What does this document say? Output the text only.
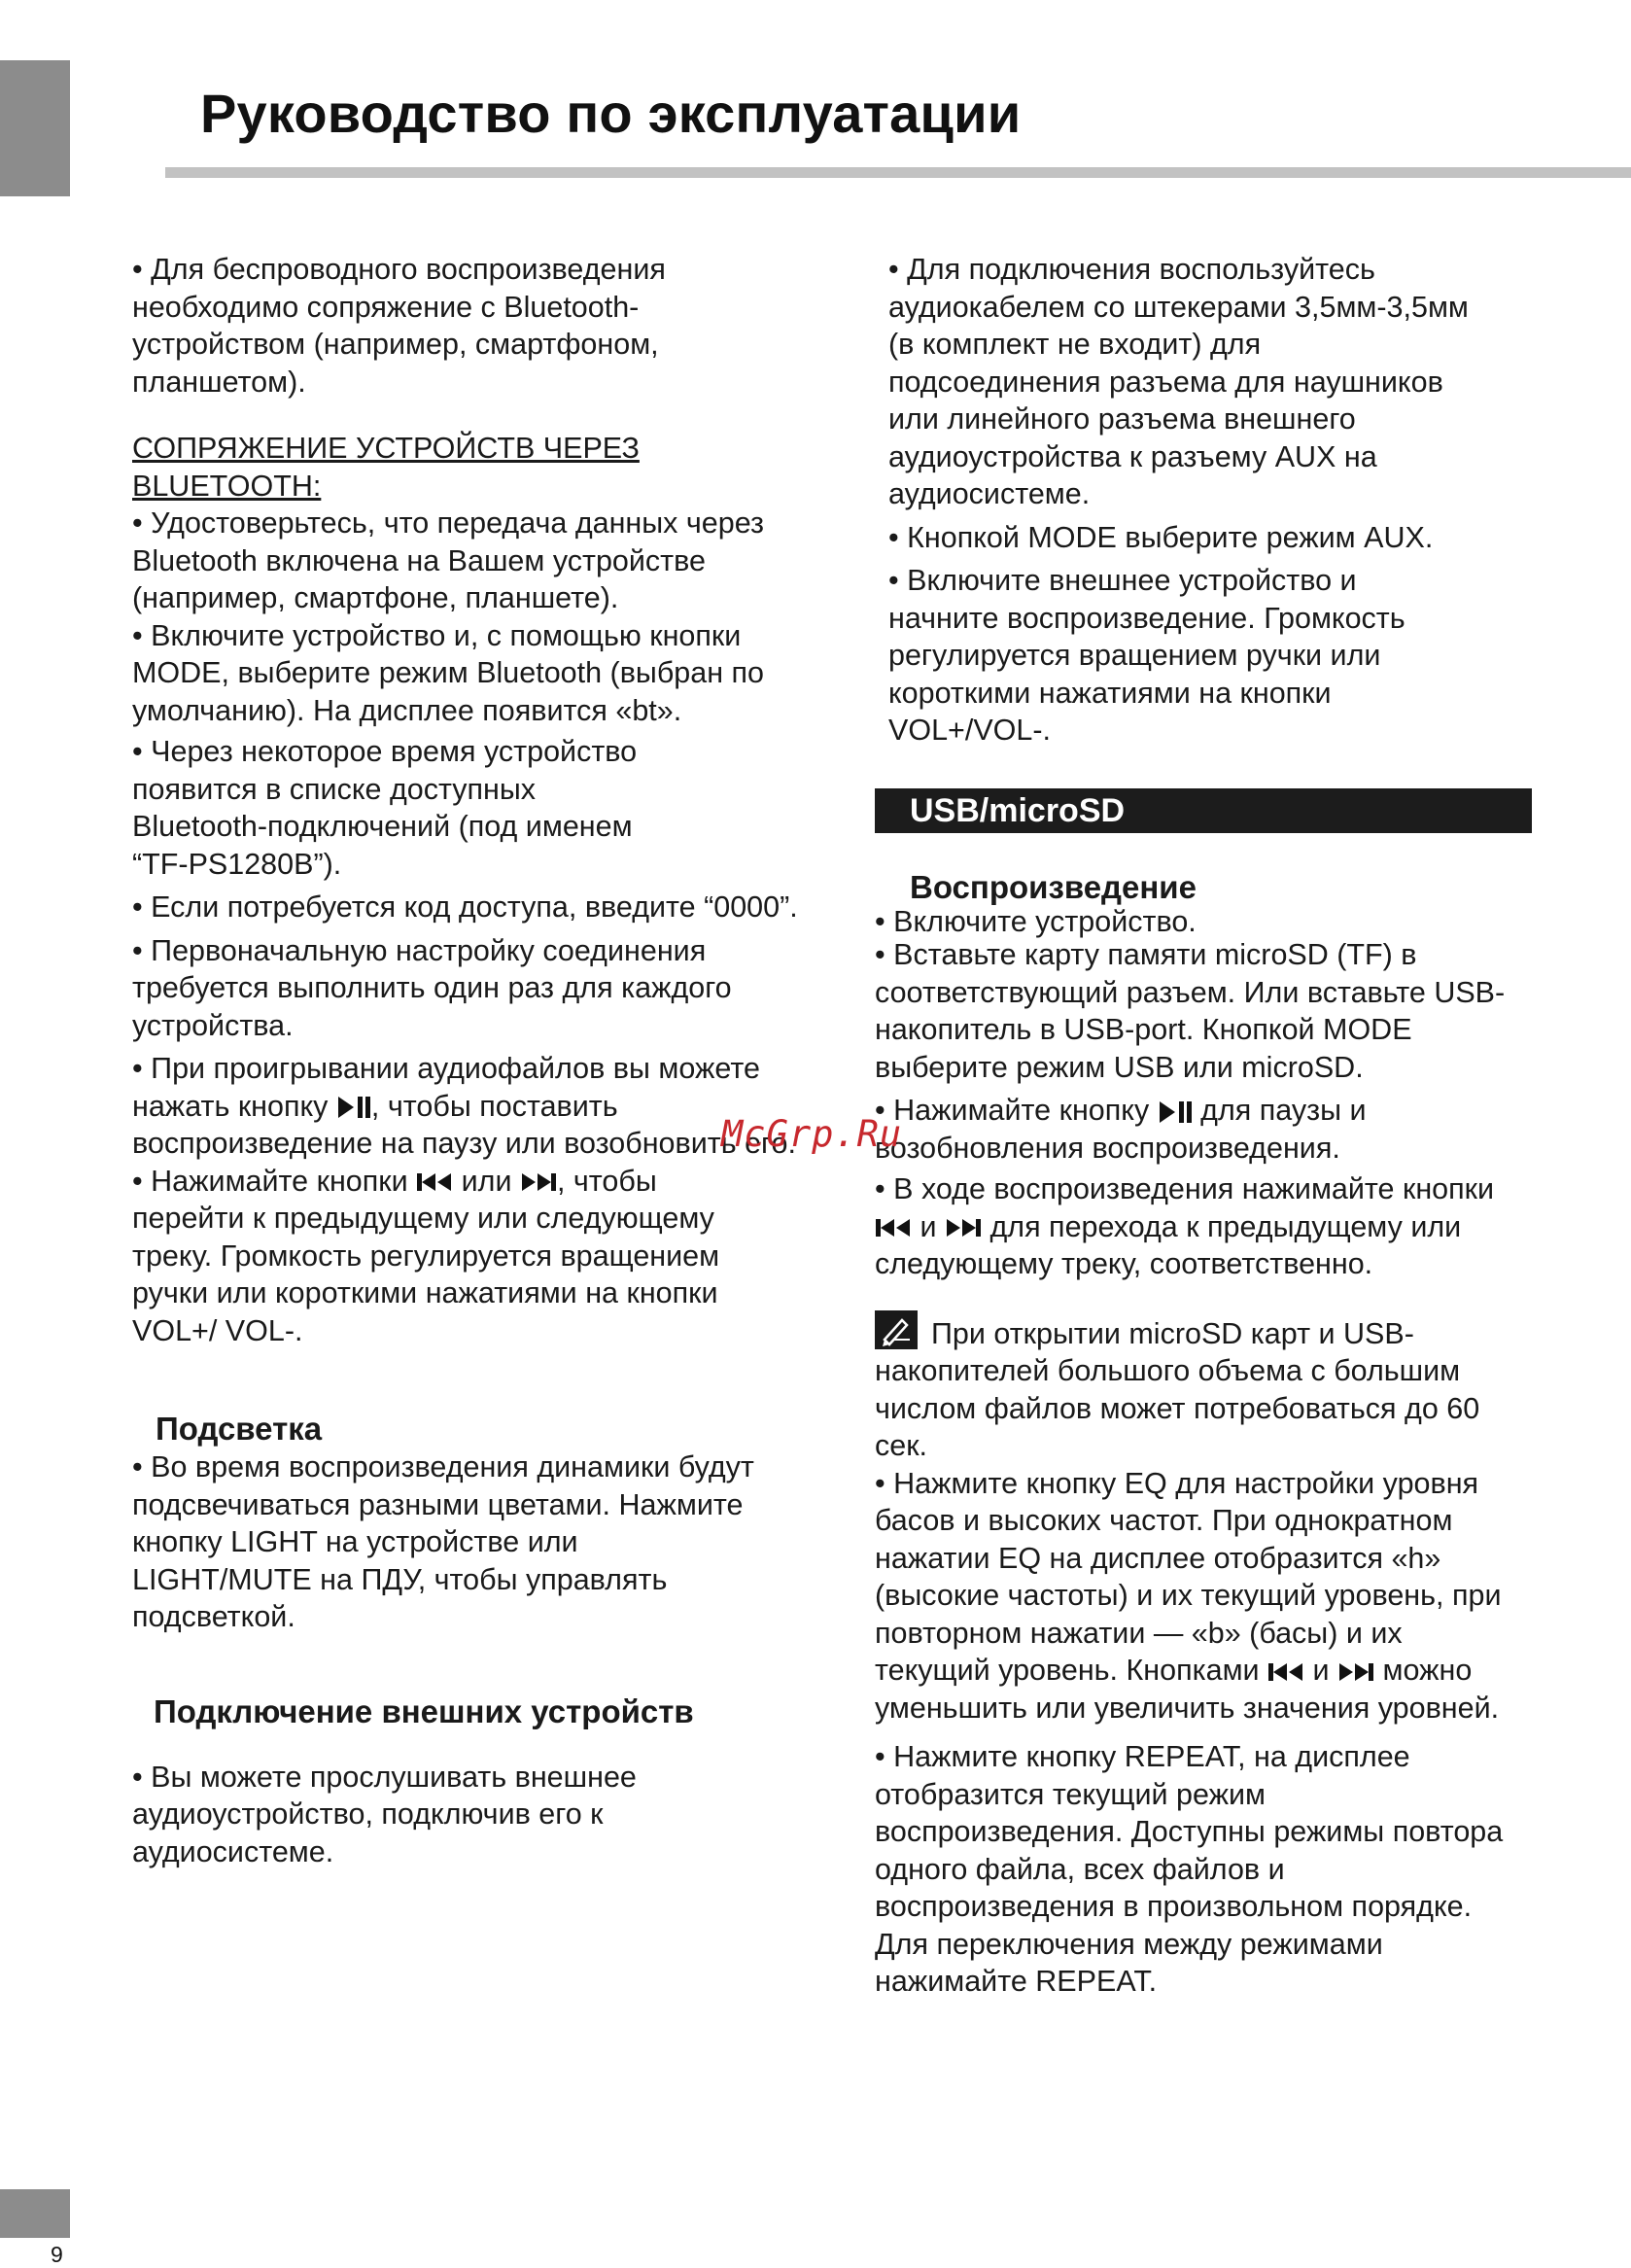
Руководство по эксплуатации

• Для беспроводного воспроизведения необходимо сопряжение с Bluetooth-устройством (например, смартфоном, планшетом).

СОПРЯЖЕНИЕ УСТРОЙСТВ ЧЕРЕЗ BLUETOOTH:

• Удостоверьтесь, что передача данных через Bluetooth включена на Вашем устройстве (например, смартфоне, планшете).

• Включите устройство и, с помощью кнопки MODE, выберите режим Bluetooth (выбран по умолчанию). На дисплее появится «bt».

• Через некоторое время устройство появится в списке доступных Bluetooth-подключений (под именем “TF-PS1280B”).

• Если потребуется код доступа, введите “0000”.

• Первоначальную настройку соединения требуется выполнить один раз для каждого устройства.

• При проигрывании аудиофайлов вы можете нажать кнопку
, чтобы поставить воспроизведение на паузу или возобновить его.

• Нажимайте кнопки
или
, чтобы перейти к предыдущему или следующему треку. Громкость регулируется вращением ручки или короткими нажатиями на кнопки VOL+/ VOL-.

Подсветка

• Во время воспроизведения динамики будут подсвечиваться разными цветами. Нажмите кнопку LIGHT на устройстве или LIGHT/MUTE на ПДУ, чтобы управлять подсветкой.

Подключение внешних устройств

• Вы можете прослушивать внешнее аудиоустройство, подключив его к аудиосистеме.

• Для подключения воспользуйтесь аудиокабелем со штекерами 3,5мм-3,5мм (в комплект не входит) для подсоединения разъема для наушников или линейного разъема внешнего аудиоустройства к разъему AUX на аудиосистеме.

• Кнопкой MODE выберите режим AUX.

• Включите внешнее устройство и начните воспроизведение. Громкость регулируется вращением ручки или короткими нажатиями на кнопки VOL+/VOL-.

USB/microSD

Воспроизведение

• Включите устройство.

• Вставьте карту памяти microSD (TF) в соответствующий разъем. Или вставьте USB-накопитель в USB-port. Кнопкой MODE выберите режим USB или microSD.

• Нажимайте кнопку
для паузы и возобновления воспроизведения.

• В ходе воспроизведения нажимайте кнопки
и
для перехода к предыдущему или следующему треку, соответственно.

При открытии microSD карт и USB-накопителей большого объема с большим числом файлов может потребоваться до 60 сек.

• Нажмите кнопку EQ для настройки уровня басов и высоких частот. При однократном нажатии EQ на дисплее отобразится «h» (высокие частоты) и их текущий уровень, при повторном нажатии — «b» (басы) и их текущий уровень. Кнопками
и
можно уменьшить или увеличить значения уровней.

• Нажмите кнопку REPEAT, на дисплее отобразится текущий режим воспроизведения. Доступны режимы повтора одного файла, всех файлов и воспроизведения в произвольном порядке. Для переключения между режимами нажимайте REPEAT.

McGrp.Ru
9
